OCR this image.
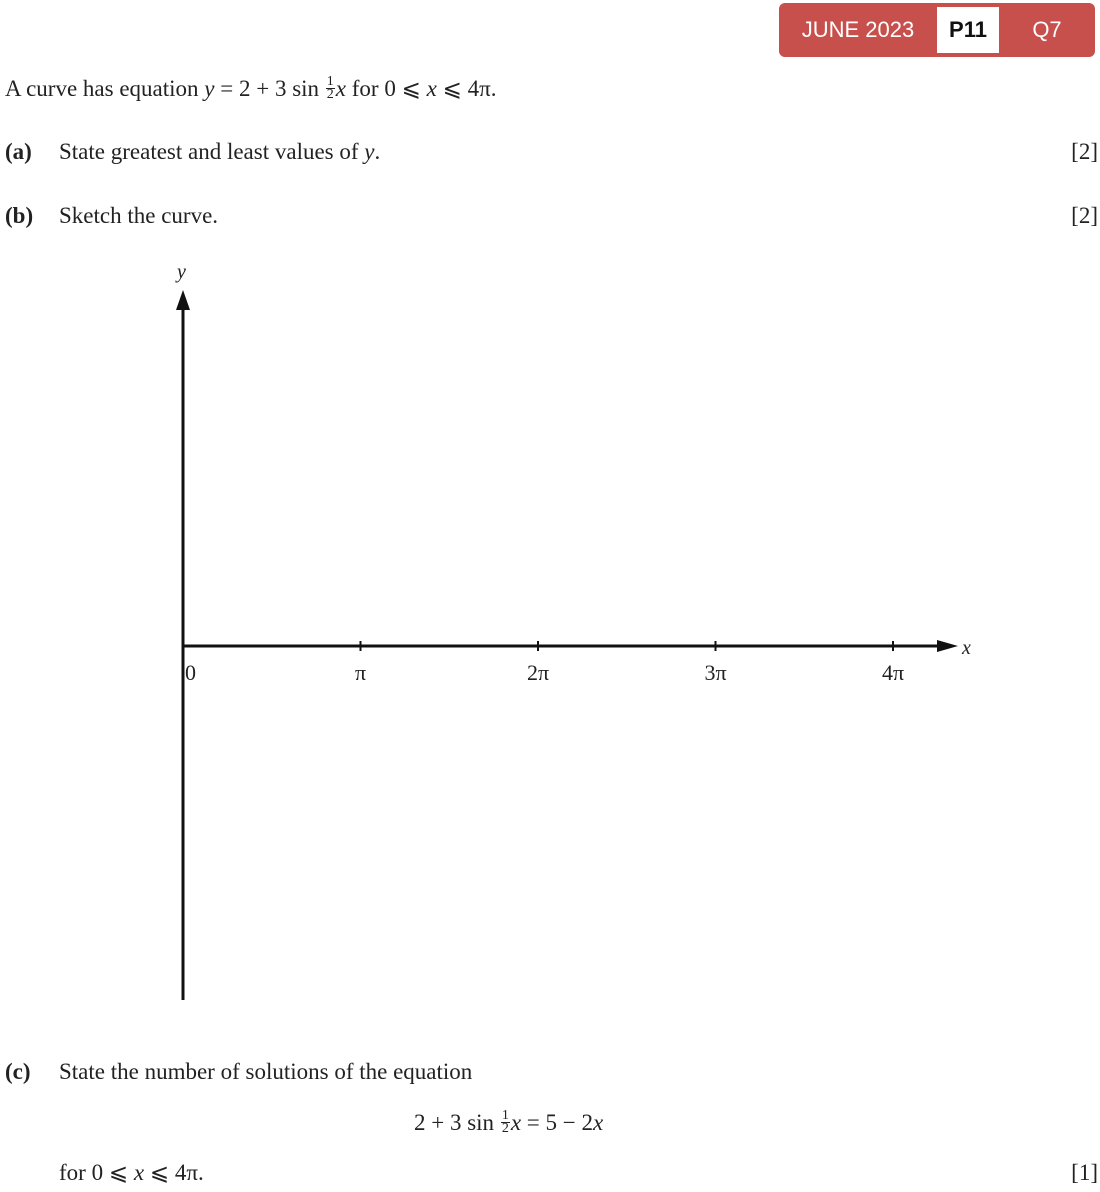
JUNE 2023	P11	Q7
A curve has equation y = 2 + 3 $\sin \frac{1}{2}$ x for 0 ⩽ x ⩽ 4π.
(a) State greatest and least values of y.	[2]
(b) Sketch the curve.	[2]
y
x
0	π	2π	3π	4π
(c) State the number of solutions of the equation
2 + 3 $\sin \frac{1}{2}$ x = 5 − 2x
for 0 ⩽ x ⩽ 4π.	[1]
